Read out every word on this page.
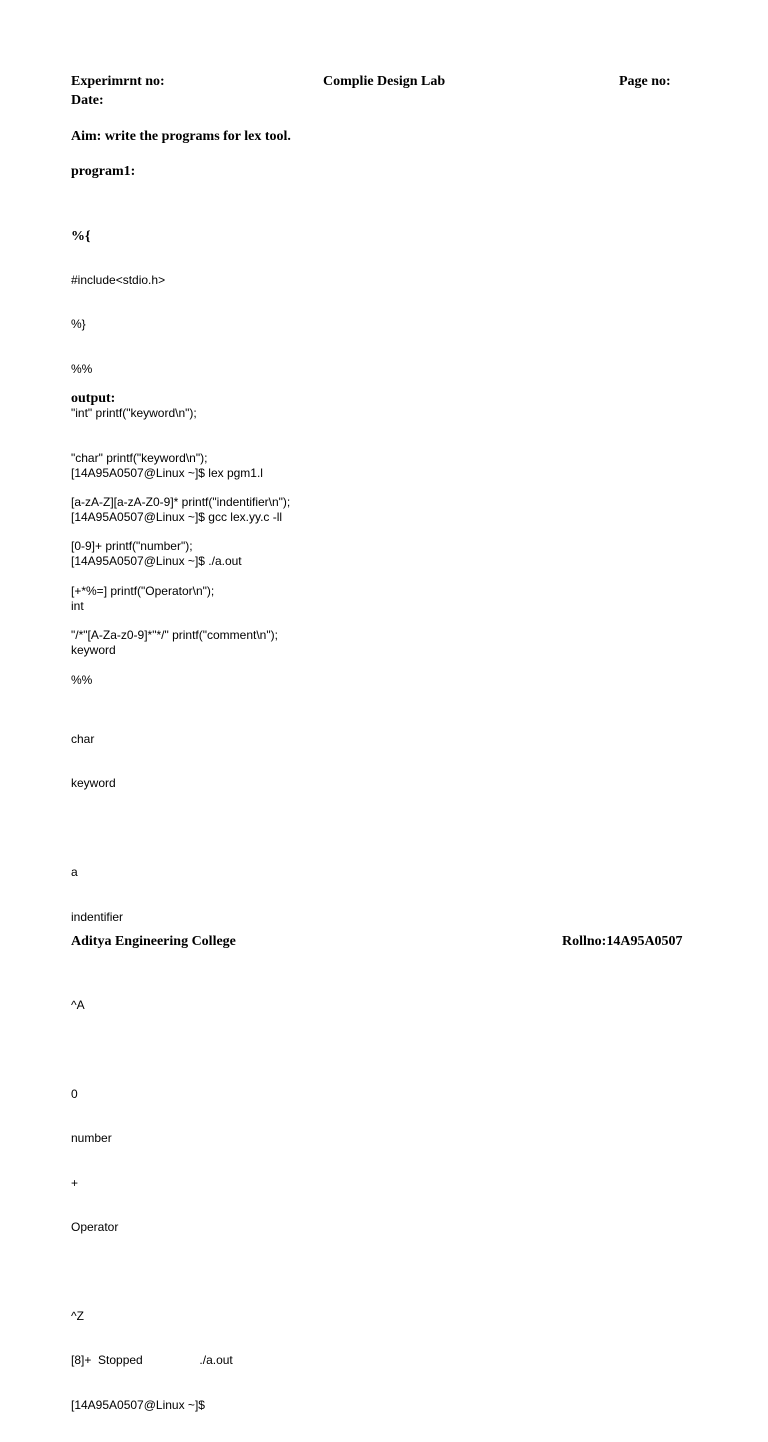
Experimrnt no:	Complie Design Lab	Page no:
Date:
Aim: write the programs for lex tool.
program1:

%{

#include<stdio.h>

%}

%%

"int" printf("keyword\n");

"char" printf("keyword\n");

[a-zA-Z][a-zA-Z0-9]* printf("indentifier\n");

[0-9]+ printf("number");

[+*%=] printf("Operator\n");

"/*"[A-Za-z0-9]*"*/" printf("comment\n");

%%

output:

[14A95A0507@Linux ~]$ lex pgm1.l

[14A95A0507@Linux ~]$ gcc lex.yy.c -ll

[14A95A0507@Linux ~]$ ./a.out

int

keyword

char

keyword

a

indentifier

^A

0

number

+

Operator

^Z

[8]+  Stopped                 ./a.out

[14A95A0507@Linux ~]$

Aditya Engineering College	Rollno:14A95A0507
